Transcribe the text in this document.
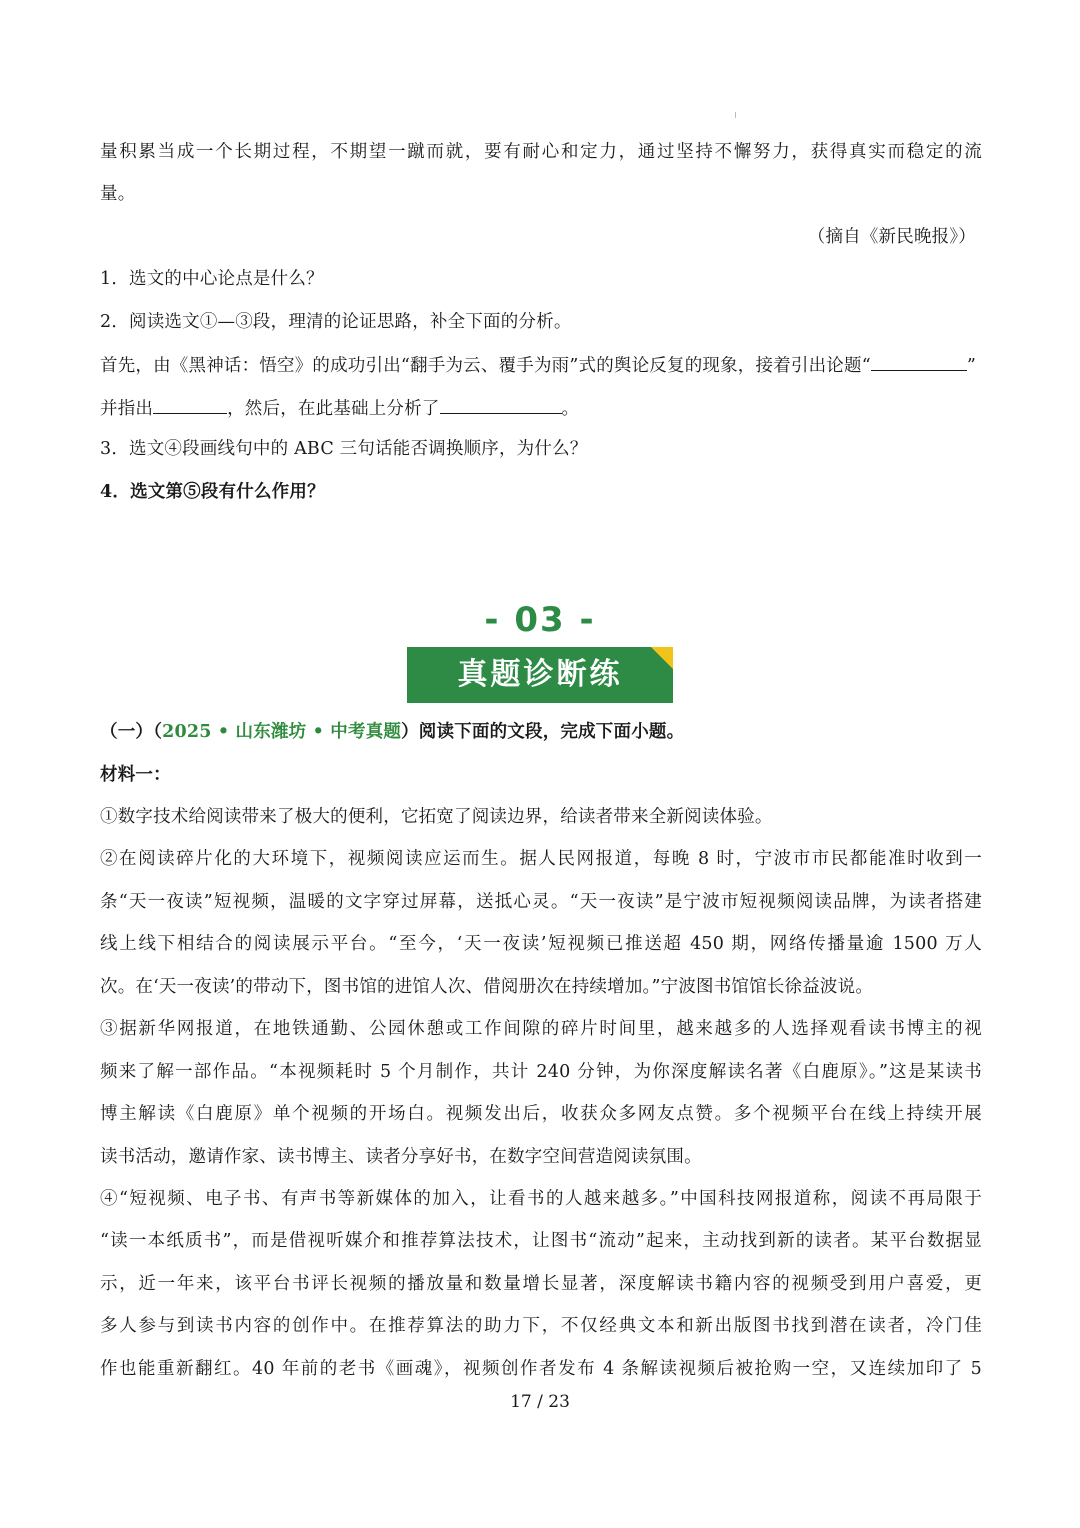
量积累当成一个长期过程，不期望一蹴而就，要有耐心和定力，通过坚持不懈努力，获得真实而稳定的流
量。
（摘自《新民晚报》）
1．选文的中心论点是什么？
2．阅读选文①—③段，理清的论证思路，补全下面的分析。
首先，由《黑神话：悟空》的成功引出“翻手为云、覆手为雨”式的舆论反复的现象，接着引出论题“	”
并指出	，然后，在此基础上分析了	。
3．选文④段画线句中的 ABC 三句话能否调换顺序，为什么？
4．选文第⑤段有什么作用？
- 03 -
真题诊断练
（一）（2025 • 山东潍坊 • 中考真题）阅读下面的文段，完成下面小题。
材料一：
①数字技术给阅读带来了极大的便利，它拓宽了阅读边界，给读者带来全新阅读体验。
②在阅读碎片化的大环境下，视频阅读应运而生。据人民网报道，每晚 8 时，宁波市市民都能准时收到一
条“天一夜读”短视频，温暖的文字穿过屏幕，送抵心灵。“天一夜读”是宁波市短视频阅读品牌，为读者搭建
线上线下相结合的阅读展示平台。“至今，‘天一夜读’短视频已推送超 450 期，网络传播量逾 1500 万人
次。在‘天一夜读’的带动下，图书馆的进馆人次、借阅册次在持续增加。”宁波图书馆馆长徐益波说。
③据新华网报道，在地铁通勤、公园休憩或工作间隙的碎片时间里，越来越多的人选择观看读书博主的视
频来了解一部作品。“本视频耗时 5 个月制作，共计 240 分钟，为你深度解读名著《白鹿原》。”这是某读书
博主解读《白鹿原》单个视频的开场白。视频发出后，收获众多网友点赞。多个视频平台在线上持续开展
读书活动，邀请作家、读书博主、读者分享好书，在数字空间营造阅读氛围。
④“短视频、电子书、有声书等新媒体的加入，让看书的人越来越多。”中国科技网报道称，阅读不再局限于
“读一本纸质书”，而是借视听媒介和推荐算法技术，让图书“流动”起来，主动找到新的读者。某平台数据显
示，近一年来，该平台书评长视频的播放量和数量增长显著，深度解读书籍内容的视频受到用户喜爱，更
多人参与到读书内容的创作中。在推荐算法的助力下，不仅经典文本和新出版图书找到潜在读者，冷门佳
作也能重新翻红。40 年前的老书《画魂》，视频创作者发布 4 条解读视频后被抢购一空，又连续加印了 5
17 / 23
